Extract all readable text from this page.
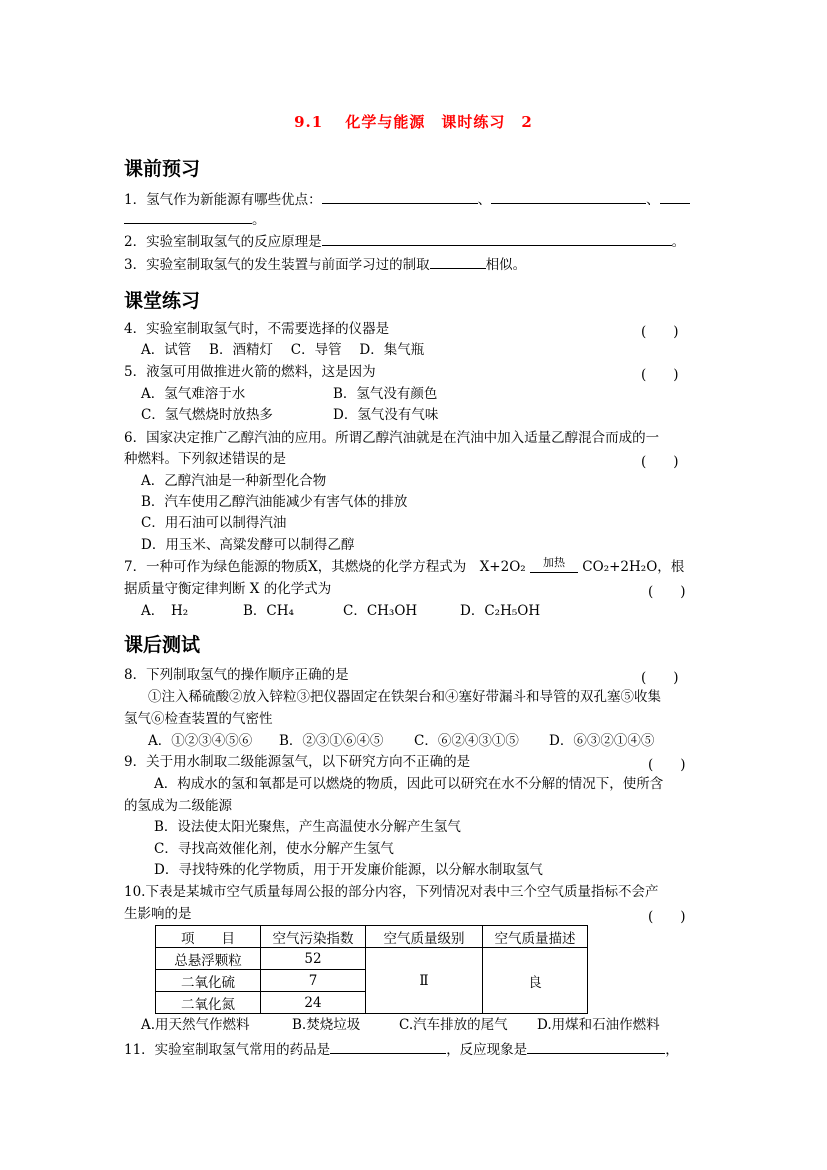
9.1　 化学与能源　课时练习　2
课前预习
1．氢气作为新能源有哪些优点：	、	、
。
2．实验室制取氢气的反应原理是	。
3．实验室制取氢气的发生装置与前面学习过的制取	相似。
课堂练习
4．实验室制取氢气时，不需要选择的仪器是	(　　)
A．试管　 B．酒精灯　 C．导管　 D．集气瓶
5．液氢可用做推进火箭的燃料，这是因为	(　　)
A．氢气难溶于水	B．氢气没有颜色
C．氢气燃烧时放热多	D．氢气没有气味
6．国家决定推广乙醇汽油的应用。所谓乙醇汽油就是在汽油中加入适量乙醇混合而成的一
种燃料。下列叙述错误的是	(　　)
A．乙醇汽油是一种新型化合物
B．汽车使用乙醇汽油能减少有害气体的排放
C．用石油可以制得汽油
D．用玉米、高粱发酵可以制得乙醇
7．一种可作为绿色能源的物质X，其燃烧的化学方程式为　X+2O₂ 加热 CO₂+2H₂O，根
据质量守衡定律判断 X 的化学式为	(　　)
A．　H₂	B．CH₄	C．CH₃OH	D．C₂H₅OH
课后测试
8．下列制取氢气的操作顺序正确的是	(　　)
①注入稀硫酸②放入锌粒③把仪器固定在铁架台和④塞好带漏斗和导管的双孔塞⑤收集
氢气⑥检查装置的气密性
A．①②③④⑤⑥ B．②③①⑥④⑤ C．⑥②④③①⑤ D．⑥③②①④⑤
9．关于用水制取二级能源氢气，以下研究方向不正确的是	(　　)
A．构成水的氢和氧都是可以燃烧的物质，因此可以研究在水不分解的情况下，使所含
的氢成为二级能源
B．设法使太阳光聚焦，产生高温使水分解产生氢气
C．寻找高效催化剂，使水分解产生氢气
D．寻找特殊的化学物质，用于开发廉价能源，以分解水制取氢气
10.下表是某城市空气质量每周公报的部分内容，下列情况对表中三个空气质量指标不会产
生影响的是	(　　)
项　　目	空气污染指数	空气质量级别	空气质量描述
总悬浮颗粒	52	Ⅱ	良
二氧化硫	7		
二氧化氮	24		
A.用天然气作燃料	B.焚烧垃圾	C.汽车排放的尾气 D.用煤和石油作燃料
11．实验室制取氢气常用的药品是	，反应现象是	，
